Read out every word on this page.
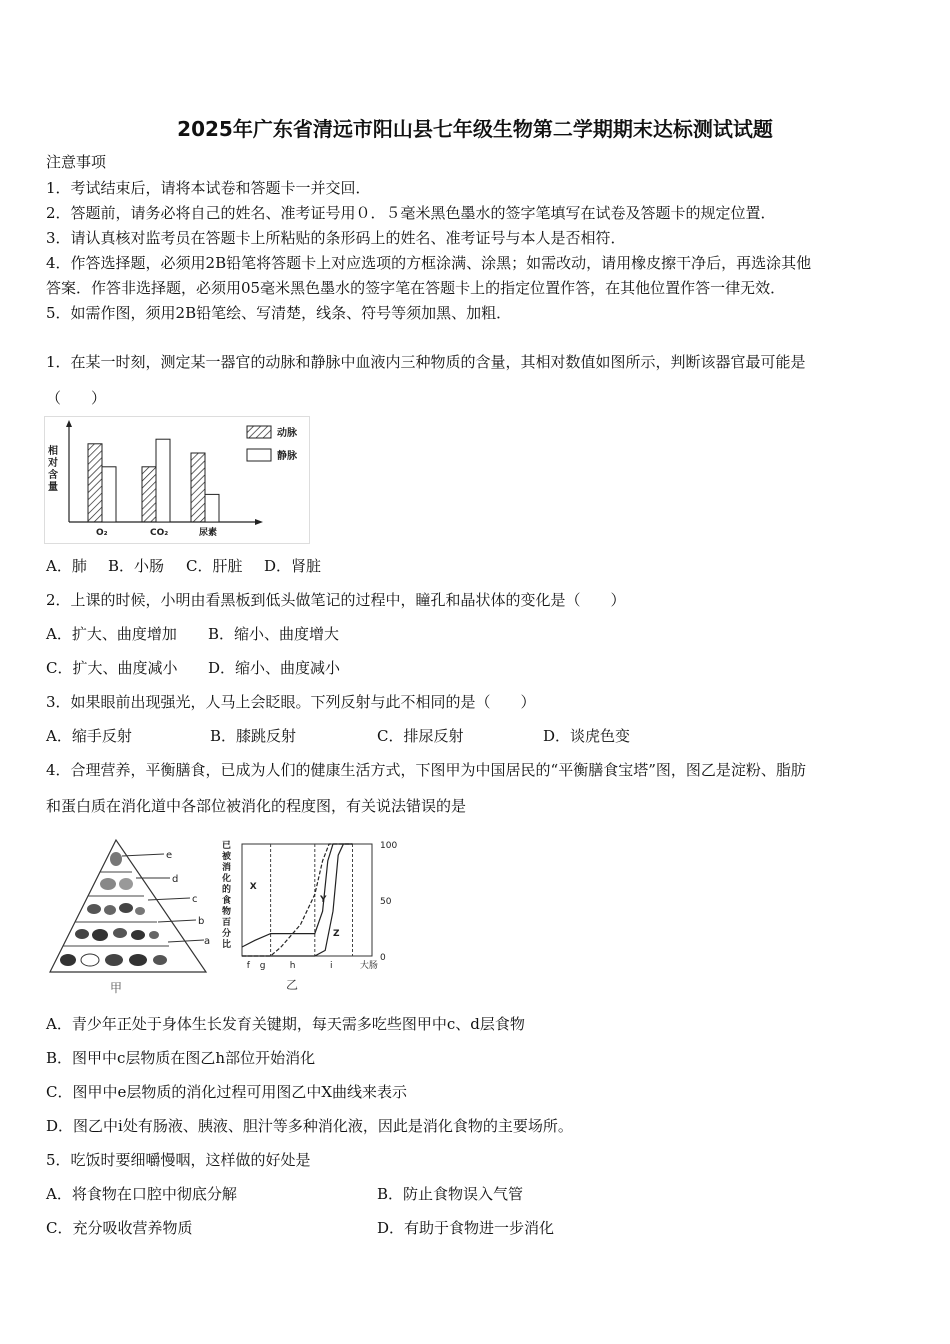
2025年广东省清远市阳山县七年级生物第二学期期末达标测试试题
注意事项
1．考试结束后，请将本试卷和答题卡一并交回．
2．答题前，请务必将自己的姓名、准考证号用０．５毫米黑色墨水的签字笔填写在试卷及答题卡的规定位置．
3．请认真核对监考员在答题卡上所粘贴的条形码上的姓名、准考证号与本人是否相符．
4．作答选择题，必须用2B铅笔将答题卡上对应选项的方框涂满、涂黑；如需改动，请用橡皮擦干净后，再选涂其他
答案．作答非选择题，必须用05毫米黑色墨水的签字笔在答题卡上的指定位置作答，在其他位置作答一律无效．
5．如需作图，须用2B铅笔绘、写清楚，线条、符号等须加黑、加粗．
1．在某一时刻，测定某一器官的动脉和静脉中血液内三种物质的含量，其相对数值如图所示，判断该器官最可能是
（　　）
O₂	CO₂	尿素
相对含量
动脉
静脉
A．肺 B．小肠 C．肝脏 D．肾脏
2．上课的时候，小明由看黑板到低头做笔记的过程中，瞳孔和晶状体的变化是（　　）
A．扩大、曲度增加 B．缩小、曲度增大
C．扩大、曲度减小 D．缩小、曲度减小
3．如果眼前出现强光，人马上会眨眼。下列反射与此不相同的是（　　）
A．缩手反射	B．膝跳反射	C．排尿反射	D．谈虎色变
4．合理营养，平衡膳食，已成为人们的健康生活方式，下图甲为中国居民的“平衡膳食宝塔”图，图乙是淀粉、脂肪
和蛋白质在消化道中各部位被消化的程度图，有关说法错误的是
e
d
c
b
a
甲
已被消化的食物百分比
f g	h	i	大肠
100
50
0
X
Y
Z
乙
A．青少年正处于身体生长发育关键期，每天需多吃些图甲中c、d层食物
B．图甲中c层物质在图乙h部位开始消化
C．图甲中e层物质的消化过程可用图乙中X曲线来表示
D．图乙中i处有肠液、胰液、胆汁等多种消化液，因此是消化食物的主要场所。
5．吃饭时要细嚼慢咽，这样做的好处是
A．将食物在口腔中彻底分解	B．防止食物误入气管
C．充分吸收营养物质	D．有助于食物进一步消化
